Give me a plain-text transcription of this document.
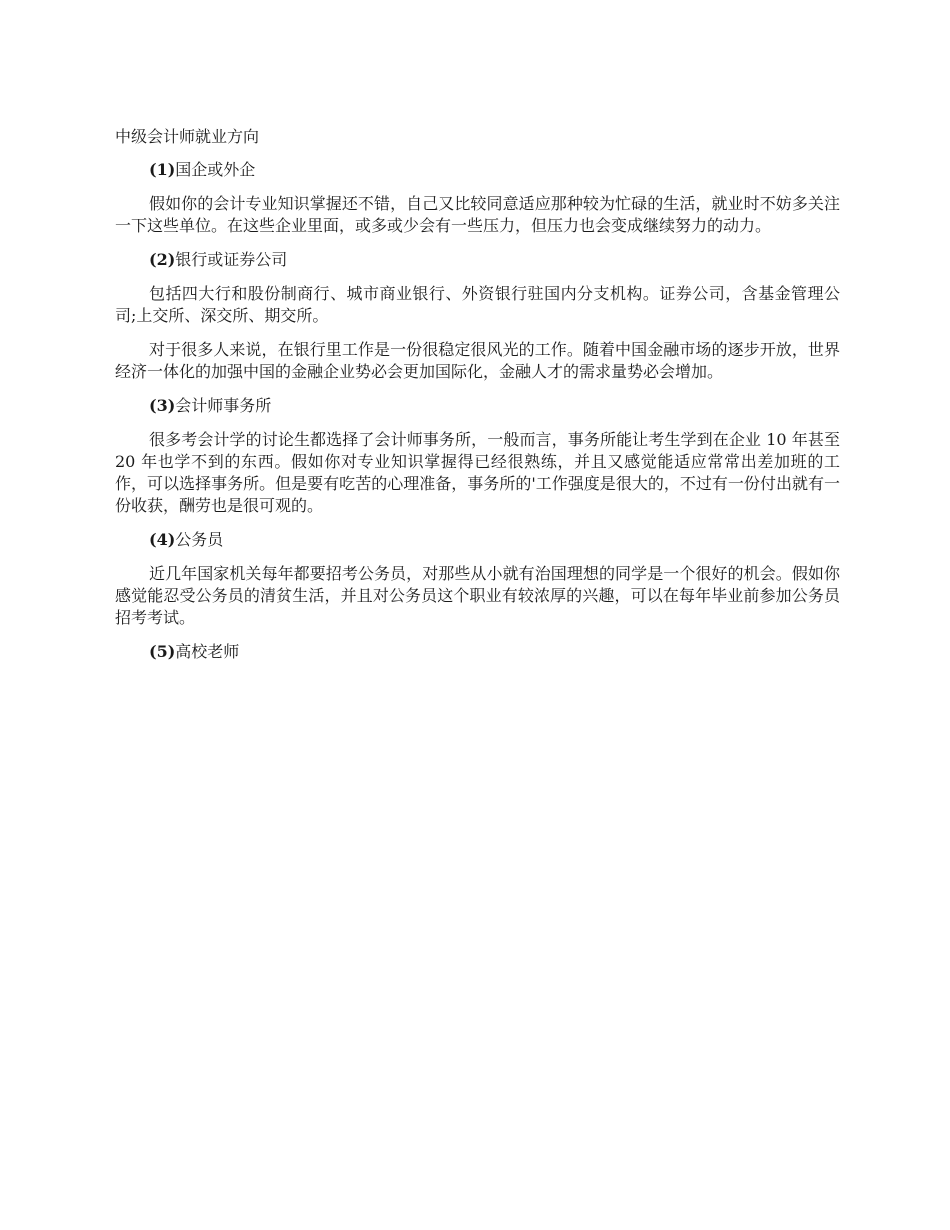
中级会计师就业方向

(1)国企或外企

假如你的会计专业知识掌握还不错，自己又比较同意适应那种较为忙碌的生活，就业时不妨多关注一下这些单位。在这些企业里面，或多或少会有一些压力，但压力也会变成继续努力的动力。

(2)银行或证券公司

包括四大行和股份制商行、城市商业银行、外资银行驻国内分支机构。证券公司，含基金管理公司;上交所、深交所、期交所。

对于很多人来说，在银行里工作是一份很稳定很风光的工作。随着中国金融市场的逐步开放，世界经济一体化的加强中国的金融企业势必会更加国际化，金融人才的需求量势必会增加。

(3)会计师事务所

很多考会计学的讨论生都选择了会计师事务所，一般而言，事务所能让考生学到在企业 10 年甚至 20 年也学不到的东西。假如你对专业知识掌握得已经很熟练，并且又感觉能适应常常出差加班的工作，可以选择事务所。但是要有吃苦的心理准备，事务所的'工作强度是很大的，不过有一份付出就有一份收获，酬劳也是很可观的。

(4)公务员

近几年国家机关每年都要招考公务员，对那些从小就有治国理想的同学是一个很好的机会。假如你感觉能忍受公务员的清贫生活，并且对公务员这个职业有较浓厚的兴趣，可以在每年毕业前参加公务员招考考试。

(5)高校老师
